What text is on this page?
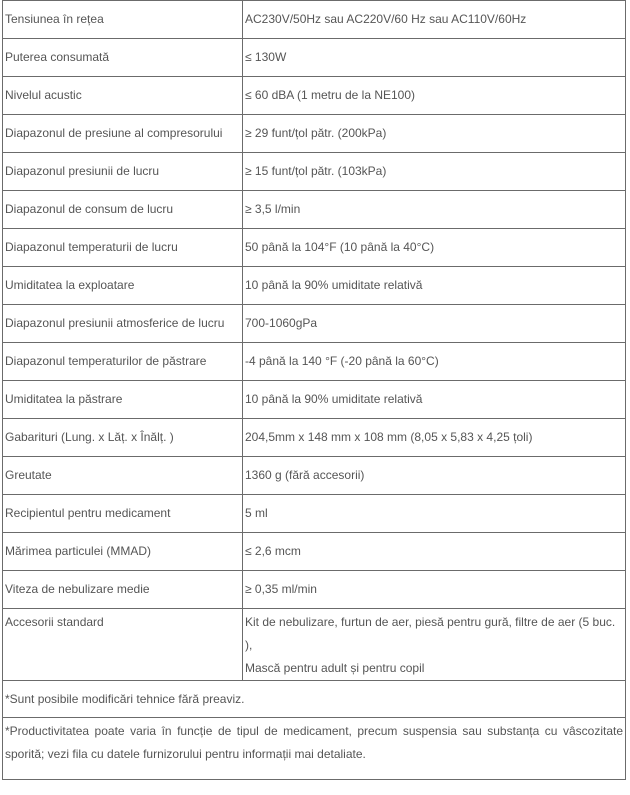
Tensiunea în rețea	AC230V/50Hz sau AC220V/60 Hz sau AC110V/60Hz
Puterea consumată	≤ 130W
Nivelul acustic	≤ 60 dBA (1 metru de la NE100)
Diapazonul de presiune al compresorului	≥ 29 funt/țol pătr. (200kPa)
Diapazonul presiunii de lucru	≥ 15 funt/țol pătr. (103kPa)
Diapazonul de consum de lucru	≥ 3,5 l/min
Diapazonul temperaturii de lucru	50 până la 104°F (10 până la 40°C)
Umiditatea la exploatare	10 până la 90% umiditate relativă
Diapazonul presiunii atmosferice de lucru	700-1060gPa
Diapazonul temperaturilor de păstrare	-4 până la 140 °F (-20 până la 60°C)
Umiditatea la păstrare	10 până la 90% umiditate relativă
Gabarituri (Lung. x Lăț. x Înălț. )	204,5mm x 148 mm x 108 mm (8,05 x 5,83 x 4,25 țoli)
Greutate	1360 g (fără accesorii)
Recipientul pentru medicament	5 ml
Mărimea particulei (MMAD)	≤ 2,6 mcm
Viteza de nebulizare medie	≥ 0,35 ml/min

Accesorii standard	Kit de nebulizare, furtun de aer, piesă pentru gură, filtre de aer (5 buc. ),
Mască pentru adult și pentru copil

*Sunt posibile modificări tehnice fără preaviz.	

*Productivitatea poate varia în funcție de tipul de medicament, precum suspensia sau substanța cu vâscozitate sporită; vezi fila cu datele furnizorului pentru informații mai detaliate.	
